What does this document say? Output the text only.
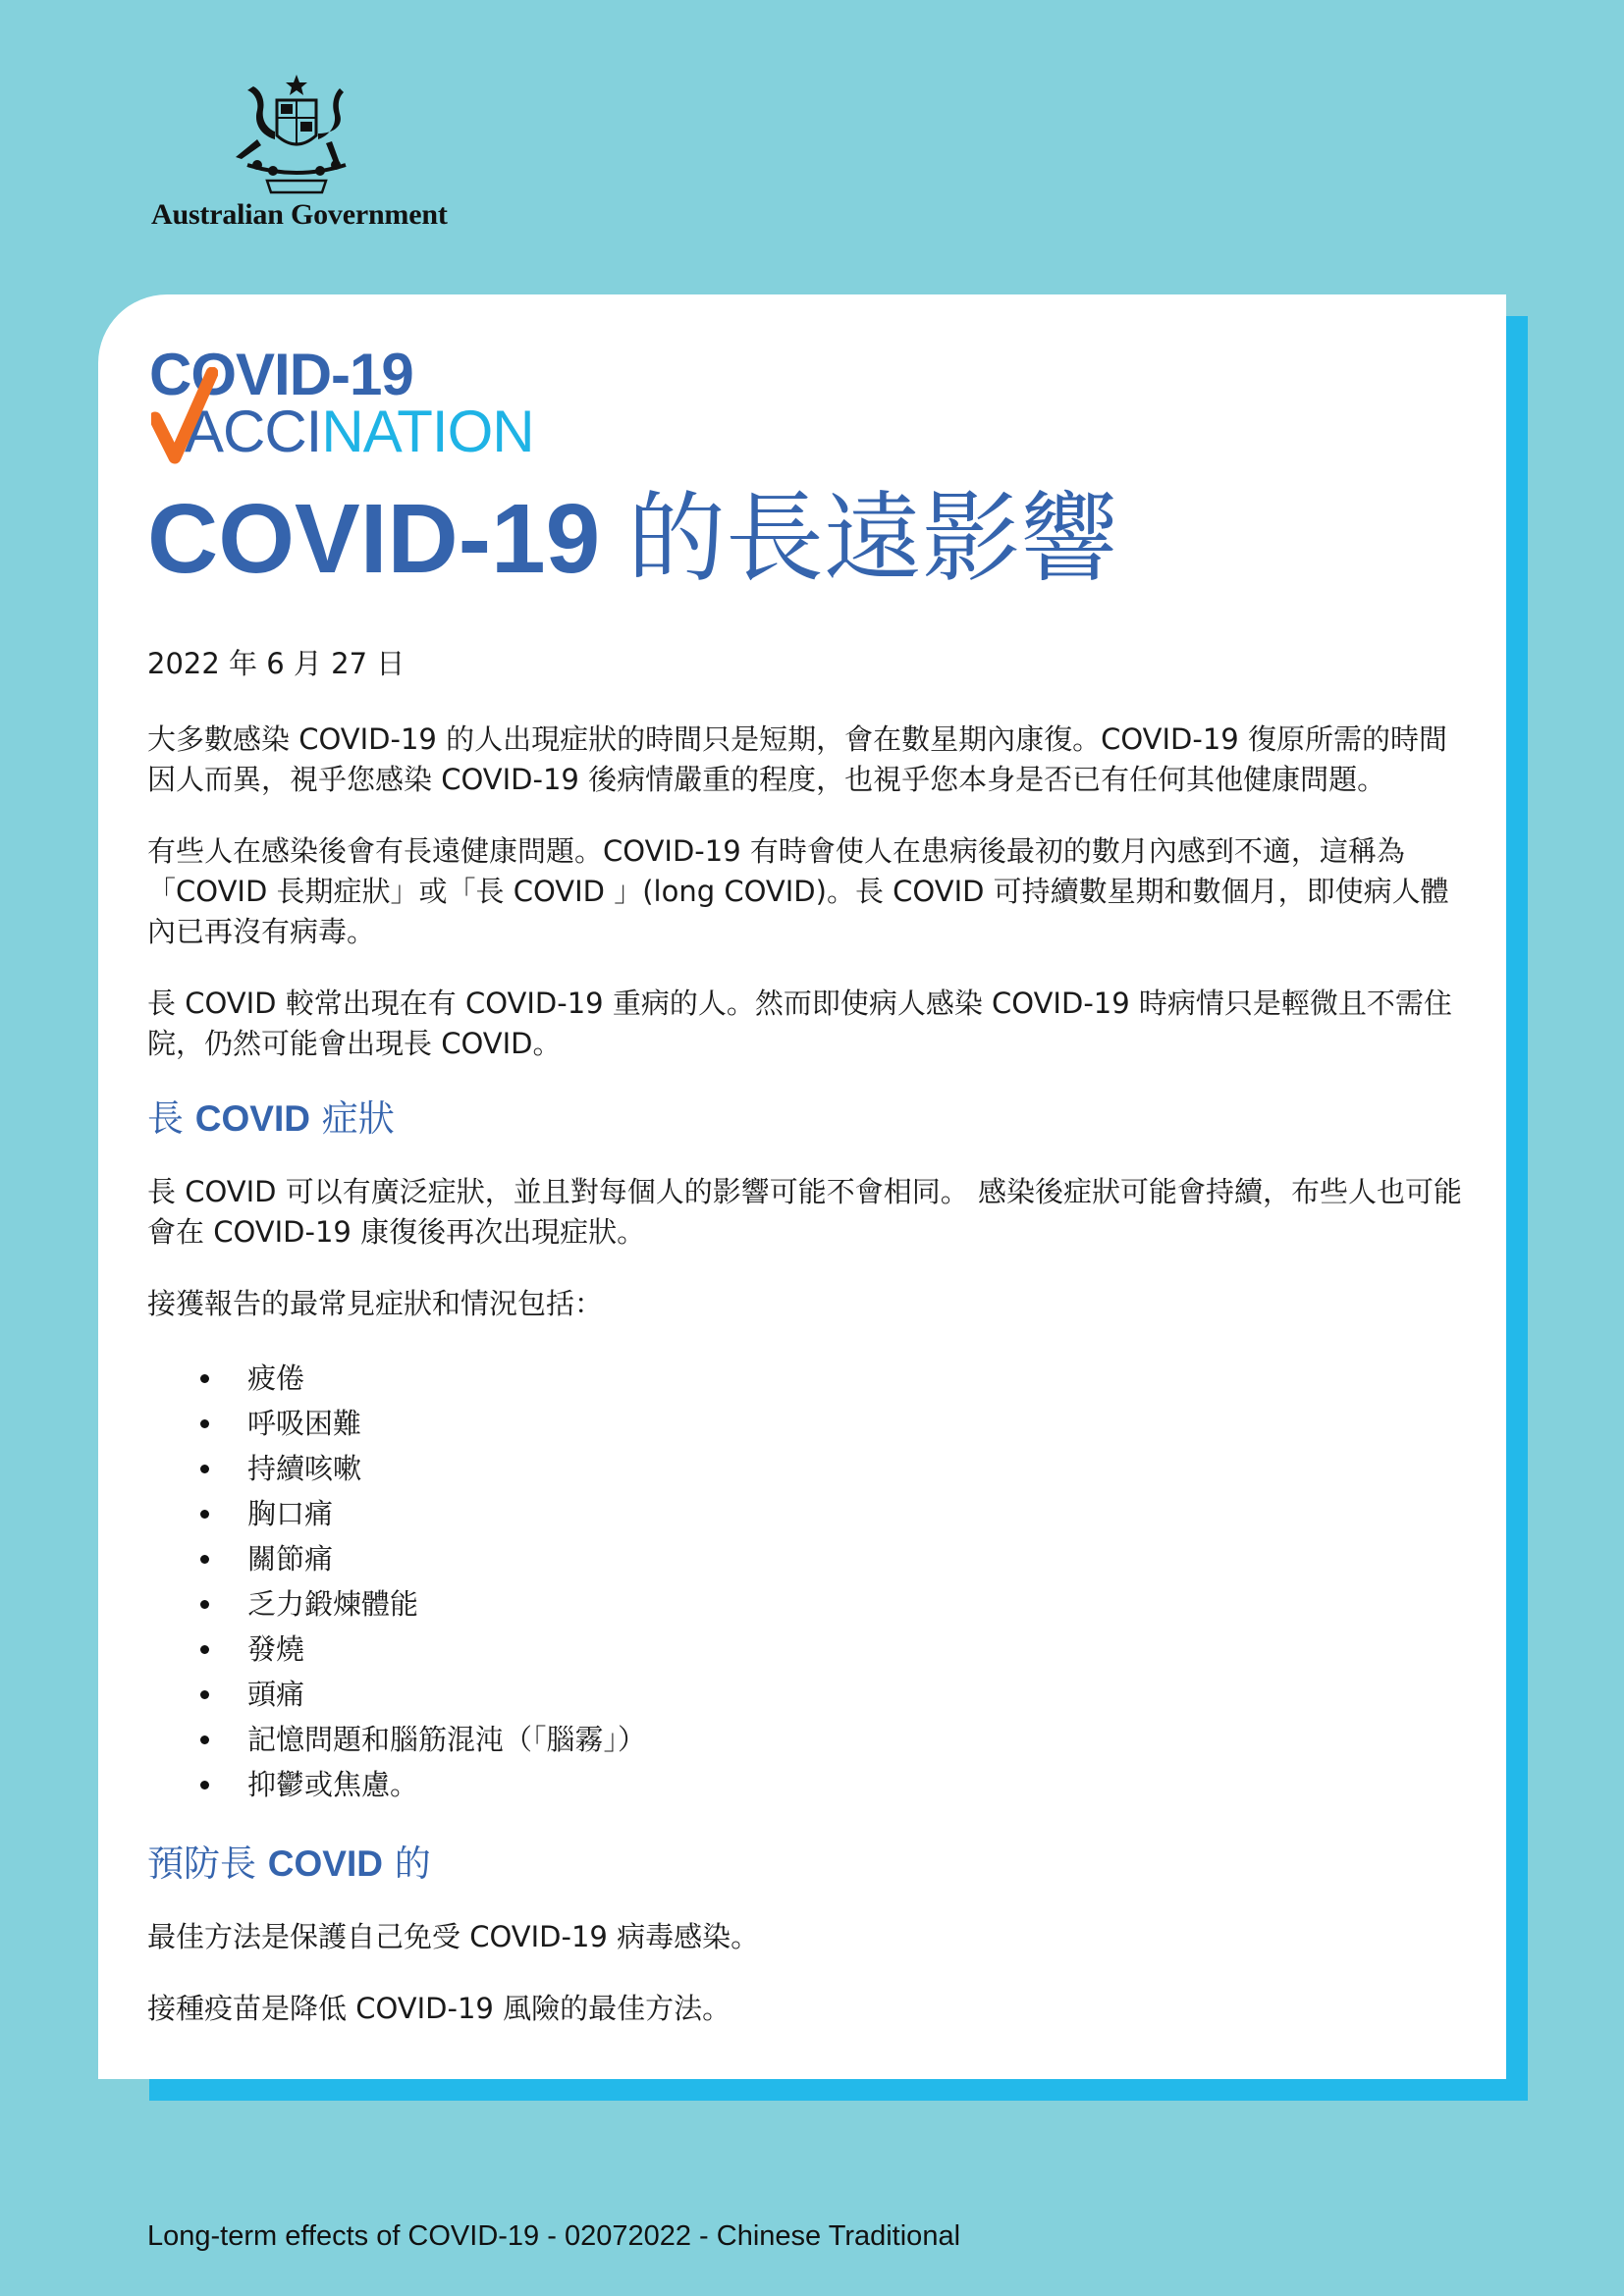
Australian Government
COVID-19
ACCINATION
COVID-19 的長遠影響

2022 年 6 月 27 日

大多數感染 COVID-19 的人出現症狀的時間只是短期，會在數星期內康復。COVID-19 復原所需的時間因人而異，視乎您感染 COVID-19 後病情嚴重的程度，也視乎您本身是否已有任何其他健康問題。

有些人在感染後會有長遠健康問題。COVID-19 有時會使人在患病後最初的數月內感到不適，這稱為「COVID 長期症狀」或「長 COVID 」(long COVID)。長 COVID 可持續數星期和數個月，即使病人體內已再沒有病毒。

長 COVID 較常出現在有 COVID-19 重病的人。然而即使病人感染 COVID-19 時病情只是輕微且不需住院，仍然可能會出現長 COVID。

長 COVID 症狀

長 COVID 可以有廣泛症狀，並且對每個人的影響可能不會相同。 感染後症狀可能會持續，布些人也可能會在 COVID-19 康復後再次出現症狀。

接獲報告的最常見症狀和情況包括：

疲倦
呼吸困難
持續咳嗽
胸口痛
關節痛
乏力鍛煉體能
發燒
頭痛
記憶問題和腦筋混沌（「腦霧」）
抑鬱或焦慮。
預防長 COVID 的

最佳方法是保護自己免受 COVID-19 病毒感染。

接種疫苗是降低 COVID-19 風險的最佳方法。

Long-term effects of COVID-19 - 02072022 - Chinese Traditional
